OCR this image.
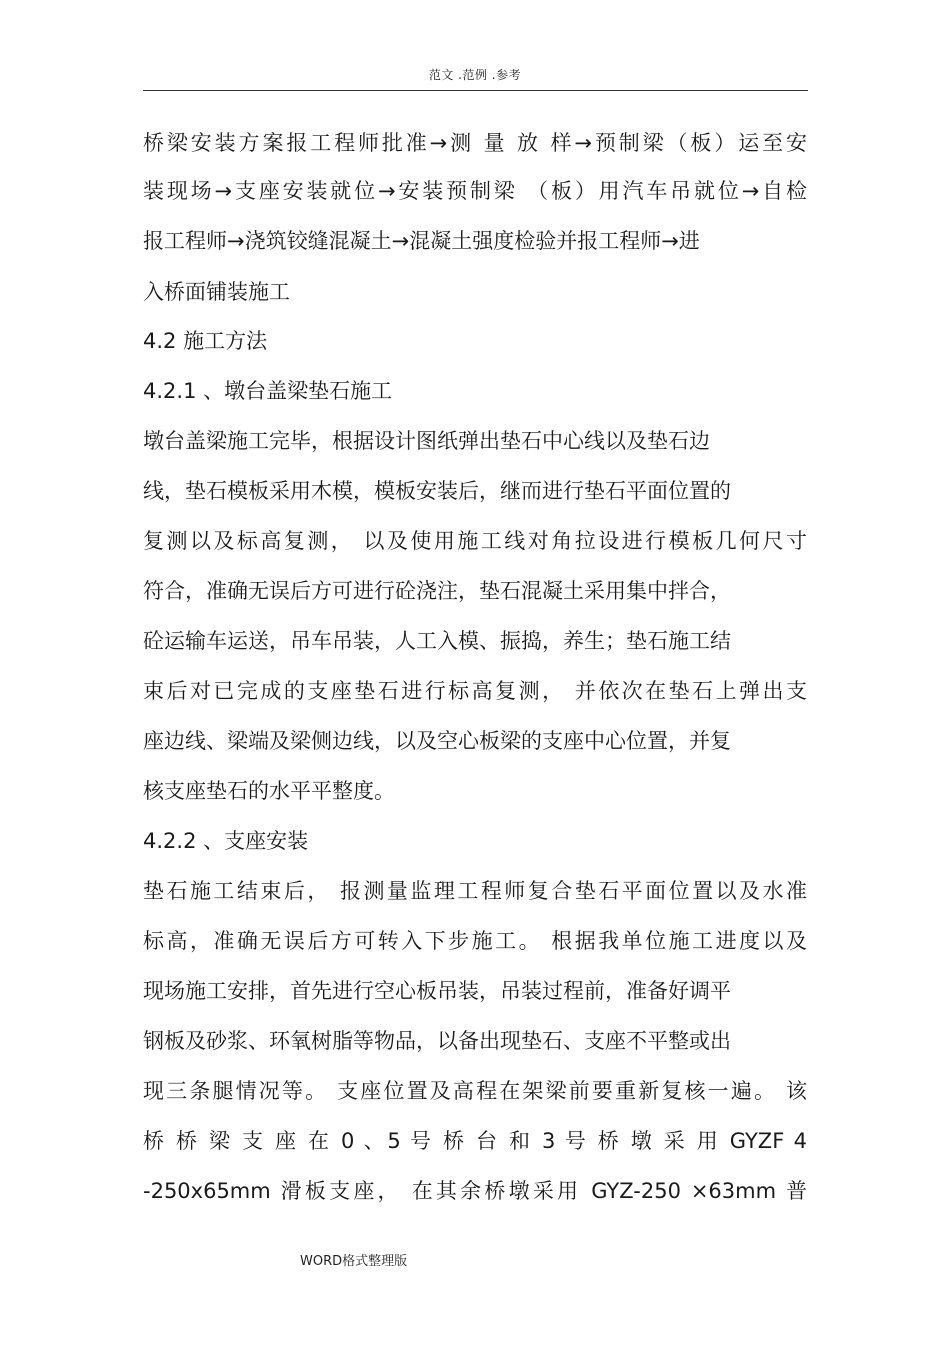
范文 .范例 .参考
桥梁安装方案报工程师批准→测 量 放 样→预制梁（板）运至安
装现场→支座安装就位→安装预制梁 （板）用汽车吊就位→自检
报工程师→浇筑铰缝混凝土→混凝土强度检验并报工程师→进
入桥面铺装施工
4.2 施工方法
4.2.1 、墩台盖梁垫石施工
墩台盖梁施工完毕，根据设计图纸弹出垫石中心线以及垫石边
线，垫石模板采用木模，模板安装后，继而进行垫石平面位置的
复测以及标高复测， 以及使用施工线对角拉设进行模板几何尺寸
符合，准确无误后方可进行砼浇注，垫石混凝土采用集中拌合，
砼运输车运送，吊车吊装，人工入模、振捣，养生；垫石施工结
束后对已完成的支座垫石进行标高复测， 并依次在垫石上弹出支
座边线、梁端及梁侧边线，以及空心板梁的支座中心位置，并复
核支座垫石的水平平整度。
4.2.2 、支座安装
垫石施工结束后， 报测量监理工程师复合垫石平面位置以及水准
标高，准确无误后方可转入下步施工。 根据我单位施工进度以及
现场施工安排，首先进行空心板吊装，吊装过程前，准备好调平
钢板及砂浆、环氧树脂等物品，以备出现垫石、支座不平整或出
现三条腿情况等。 支座位置及高程在架梁前要重新复核一遍。 该
桥 桥 梁 支 座 在 0 、5 号 桥 台 和 3 号 桥 墩 采 用 GYZF 4
-250x65mm 滑板支座， 在其余桥墩采用 GYZ-250 ×63mm 普
WORD格式整理版
